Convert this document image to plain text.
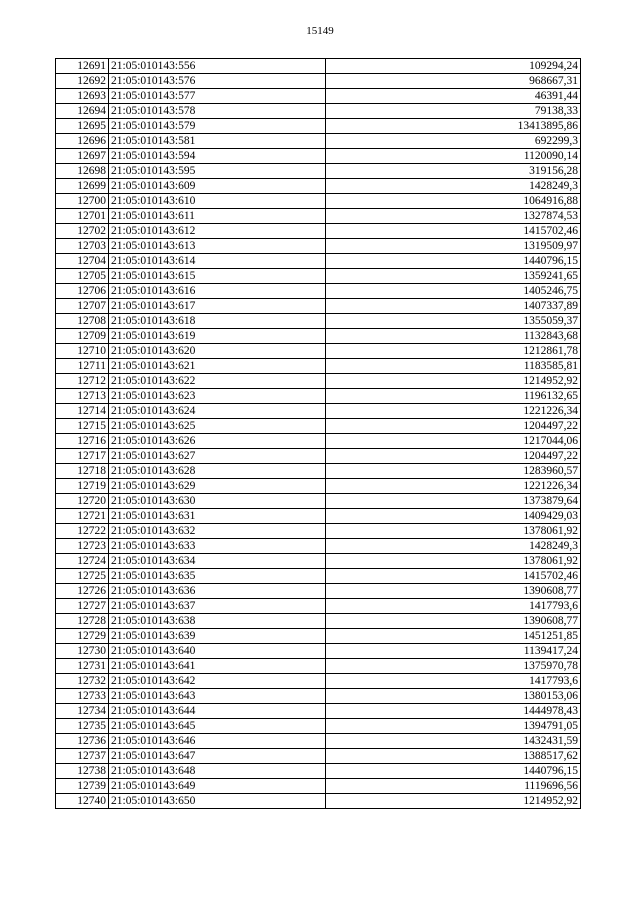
15149
12691	21:05:010143:556	109294,24
12692	21:05:010143:576	968667,31
12693	21:05:010143:577	46391,44
12694	21:05:010143:578	79138,33
12695	21:05:010143:579	13413895,86
12696	21:05:010143:581	692299,3
12697	21:05:010143:594	1120090,14
12698	21:05:010143:595	319156,28
12699	21:05:010143:609	1428249,3
12700	21:05:010143:610	1064916,88
12701	21:05:010143:611	1327874,53
12702	21:05:010143:612	1415702,46
12703	21:05:010143:613	1319509,97
12704	21:05:010143:614	1440796,15
12705	21:05:010143:615	1359241,65
12706	21:05:010143:616	1405246,75
12707	21:05:010143:617	1407337,89
12708	21:05:010143:618	1355059,37
12709	21:05:010143:619	1132843,68
12710	21:05:010143:620	1212861,78
12711	21:05:010143:621	1183585,81
12712	21:05:010143:622	1214952,92
12713	21:05:010143:623	1196132,65
12714	21:05:010143:624	1221226,34
12715	21:05:010143:625	1204497,22
12716	21:05:010143:626	1217044,06
12717	21:05:010143:627	1204497,22
12718	21:05:010143:628	1283960,57
12719	21:05:010143:629	1221226,34
12720	21:05:010143:630	1373879,64
12721	21:05:010143:631	1409429,03
12722	21:05:010143:632	1378061,92
12723	21:05:010143:633	1428249,3
12724	21:05:010143:634	1378061,92
12725	21:05:010143:635	1415702,46
12726	21:05:010143:636	1390608,77
12727	21:05:010143:637	1417793,6
12728	21:05:010143:638	1390608,77
12729	21:05:010143:639	1451251,85
12730	21:05:010143:640	1139417,24
12731	21:05:010143:641	1375970,78
12732	21:05:010143:642	1417793,6
12733	21:05:010143:643	1380153,06
12734	21:05:010143:644	1444978,43
12735	21:05:010143:645	1394791,05
12736	21:05:010143:646	1432431,59
12737	21:05:010143:647	1388517,62
12738	21:05:010143:648	1440796,15
12739	21:05:010143:649	1119696,56
12740	21:05:010143:650	1214952,92
